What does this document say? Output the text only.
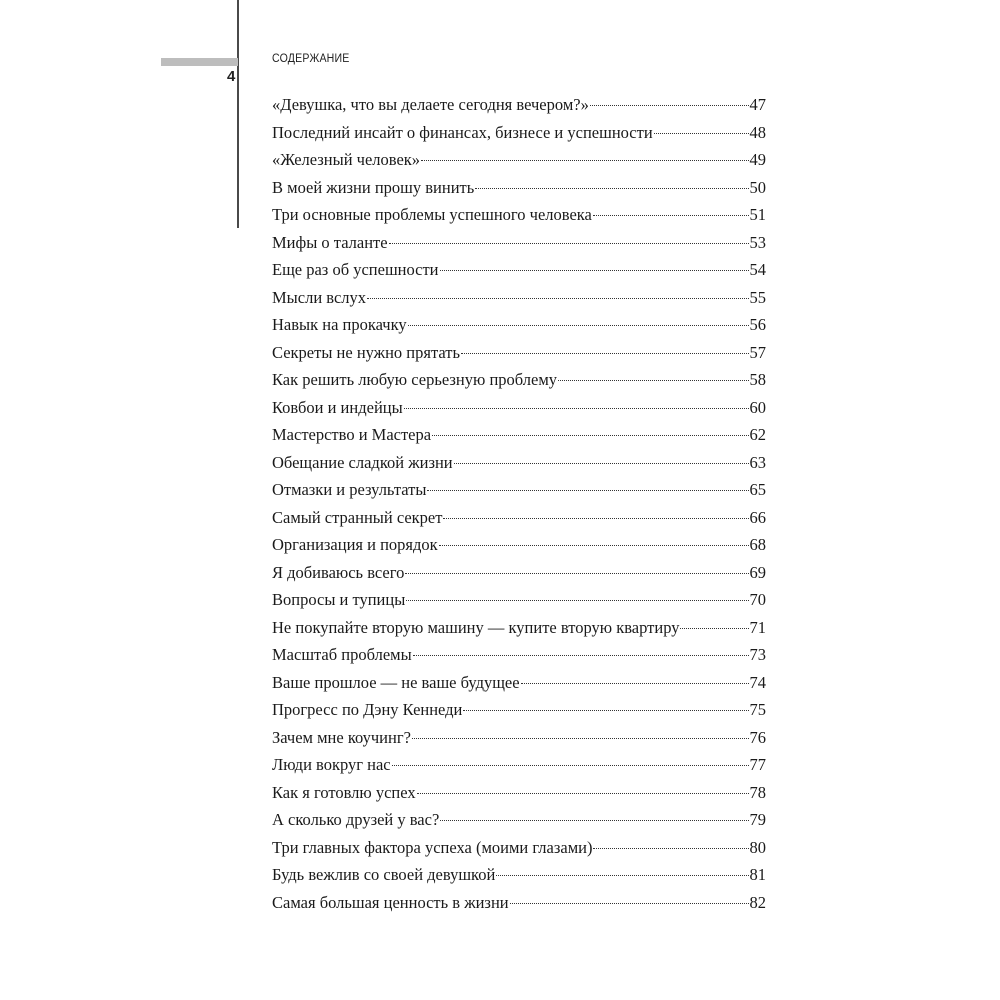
4
СОДЕРЖАНИЕ
«Девушка, что вы делаете сегодня вечером?»	47
Последний инсайт о финансах, бизнесе и успешности	48
«Железный человек»	49
В моей жизни прошу винить	50
Три основные проблемы успешного человека	51
Мифы о таланте	53
Еще раз об успешности	54
Мысли вслух	55
Навык на прокачку	56
Секреты не нужно прятать	57
Как решить любую серьезную проблему	58
Ковбои и индейцы	60
Мастерство и Мастера	62
Обещание сладкой жизни	63
Отмазки и результаты	65
Самый странный секрет	66
Организация и порядок	68
Я добиваюсь всего	69
Вопросы и тупицы	70
Не покупайте вторую машину — купите вторую квартиру	71
Масштаб проблемы	73
Ваше прошлое — не ваше будущее	74
Прогресс по Дэну Кеннеди	75
Зачем мне коучинг?	76
Люди вокруг нас	77
Как я готовлю успех	78
А сколько друзей у вас?	79
Три главных фактора успеха (моими глазами)	80
Будь вежлив со своей девушкой	81
Самая большая ценность в жизни	82
